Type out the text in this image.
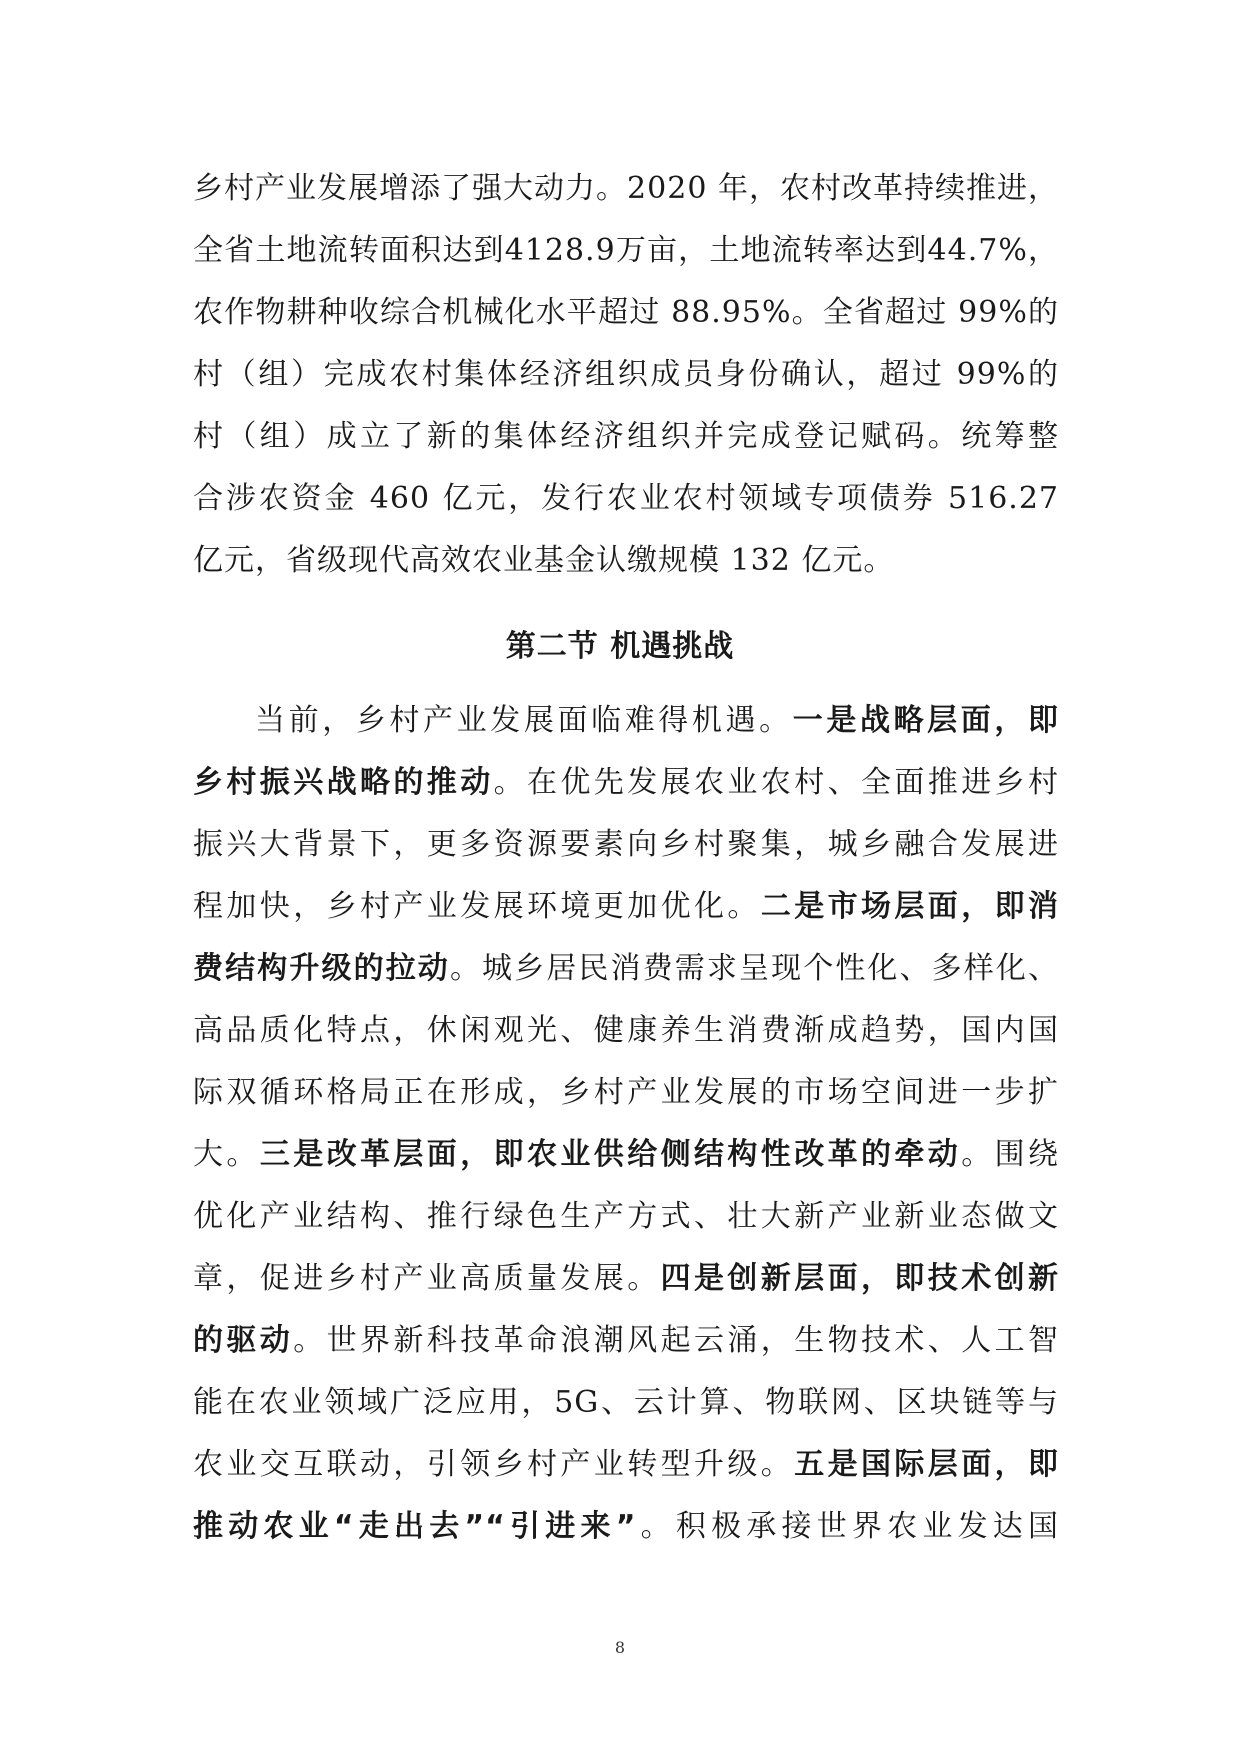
乡村产业发展增添了强大动力。2020 年，农村改革持续推进，
全省土地流转面积达到4128.9万亩，土地流转率达到44.7%，
农作物耕种收综合机械化水平超过 88.95%。全省超过 99%的
村（组）完成农村集体经济组织成员身份确认，超过 99%的
村（组）成立了新的集体经济组织并完成登记赋码。统筹整
合涉农资金 460 亿元，发行农业农村领域专项债券 516.27
亿元，省级现代高效农业基金认缴规模 132 亿元。
第二节 机遇挑战
当前，乡村产业发展面临难得机遇。一是战略层面，即
乡村振兴战略的推动。在优先发展农业农村、全面推进乡村
振兴大背景下，更多资源要素向乡村聚集，城乡融合发展进
程加快，乡村产业发展环境更加优化。二是市场层面，即消
费结构升级的拉动。城乡居民消费需求呈现个性化、多样化、
高品质化特点，休闲观光、健康养生消费渐成趋势，国内国
际双循环格局正在形成，乡村产业发展的市场空间进一步扩
大。三是改革层面，即农业供给侧结构性改革的牵动。围绕
优化产业结构、推行绿色生产方式、壮大新产业新业态做文
章，促进乡村产业高质量发展。四是创新层面，即技术创新
的驱动。世界新科技革命浪潮风起云涌，生物技术、人工智
能在农业领域广泛应用，5G、云计算、物联网、区块链等与
农业交互联动，引领乡村产业转型升级。五是国际层面，即
推动农业“走出去”“引进来”。积极承接世界农业发达国
8
